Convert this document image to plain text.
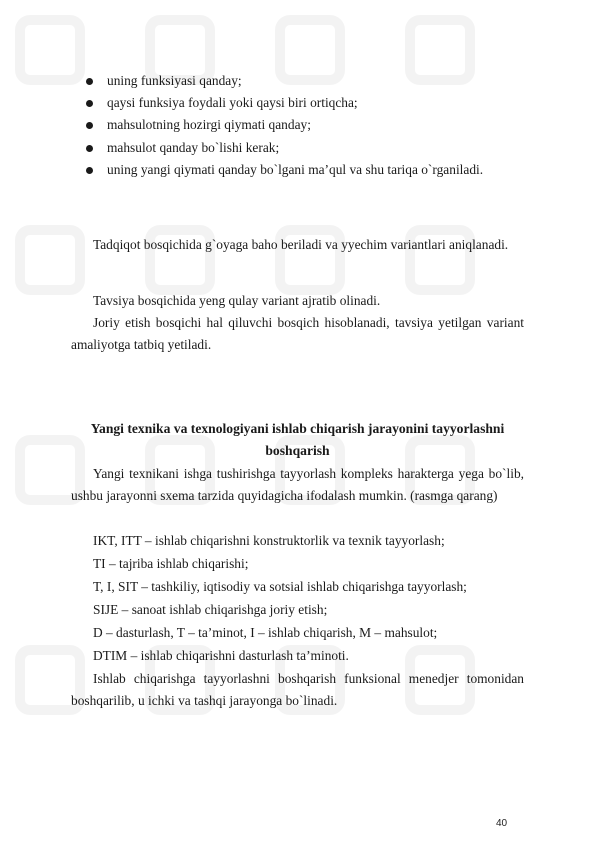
uning funksiyasi qanday;
qaysi funksiya foydali yoki qaysi biri ortiqcha;
mahsulotning hozirgi qiymati qanday;
mahsulot qanday bo`lishi kerak;
uning yangi qiymati qanday bo`lgani ma’qul va shu tariqa o`rganiladi.

Tadqiqot bosqichida g`oyaga baho beriladi va yyechim variantlari aniqlanadi.

Tavsiya bosqichida yeng qulay variant ajratib olinadi.

Joriy etish bosqichi hal qiluvchi bosqich hisoblanadi, tavsiya yetilgan variant amaliyotga tatbiq yetiladi.

Yangi texnika va texnologiyani ishlab chiqarish jarayonini tayyorlashni boshqarish

Yangi texnikani ishga tushirishga tayyorlash kompleks harakterga yega bo`lib, ushbu jarayonni sxema tarzida quyidagicha ifodalash mumkin. (rasmga qarang)

IKT, ITT – ishlab chiqarishni konstruktorlik va texnik tayyorlash;

TI – tajriba ishlab chiqarishi;

T, I, SIT – tashkiliy, iqtisodiy va sotsial ishlab chiqarishga tayyorlash;

SIJE – sanoat ishlab chiqarishga joriy etish;

D – dasturlash, T – ta’minot, I – ishlab chiqarish, M – mahsulot;

DTIM – ishlab chiqarishni dasturlash ta’minoti.

Ishlab chiqarishga tayyorlashni boshqarish funksional menedjer tomonidan boshqarilib, u ichki va tashqi jarayonga bo`linadi.

40
